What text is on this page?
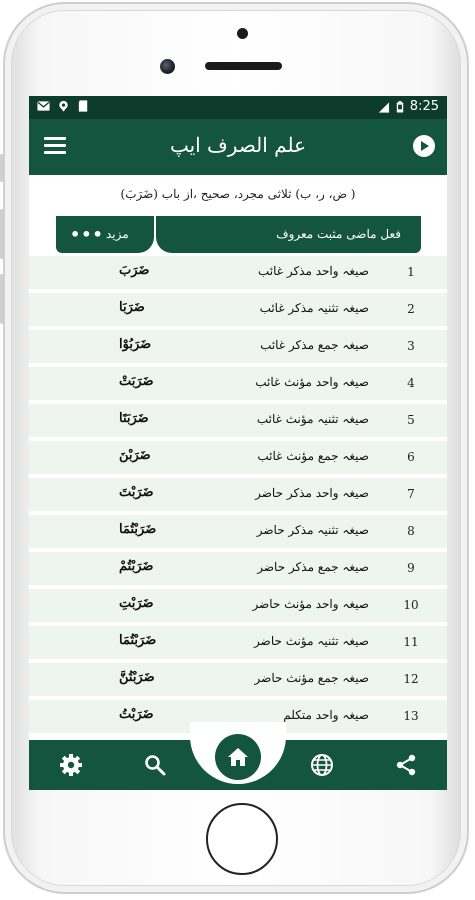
8:25
علم الصرف ایپ
( ض، ر، ب) ثلاثی مجرد، صحیح ،از باب (ضَرَبَ)
••• مزید	فعل ماضی مثبت معروف
1
صیغہ واحد مذکر غائب
ضَرَبَ
2
صیغہ تثنیہ مذکر غائب
ضَرَبَا
3
صیغہ جمع مذکر غائب
ضَرَبُوْا
4
صیغہ واحد مؤنث غائب
ضَرَبَتْ
5
صیغہ تثنیہ مؤنث غائب
ضَرَبَتَا
6
صیغہ جمع مؤنث غائب
ضَرَبْنَ
7
صیغہ واحد مذکر حاضر
ضَرَبْتَ
8
صیغہ تثنیہ مذکر حاضر
ضَرَبْتُمَا
9
صیغہ جمع مذکر حاضر
ضَرَبْتُمْ
10
صیغہ واحد مؤنث حاضر
ضَرَبْتِ
11
صیغہ تثنیہ مؤنث حاضر
ضَرَبْتُمَا
12
صیغہ جمع مؤنث حاضر
ضَرَبْتُنَّ
13
صیغہ واحد متکلم
ضَرَبْتُ
